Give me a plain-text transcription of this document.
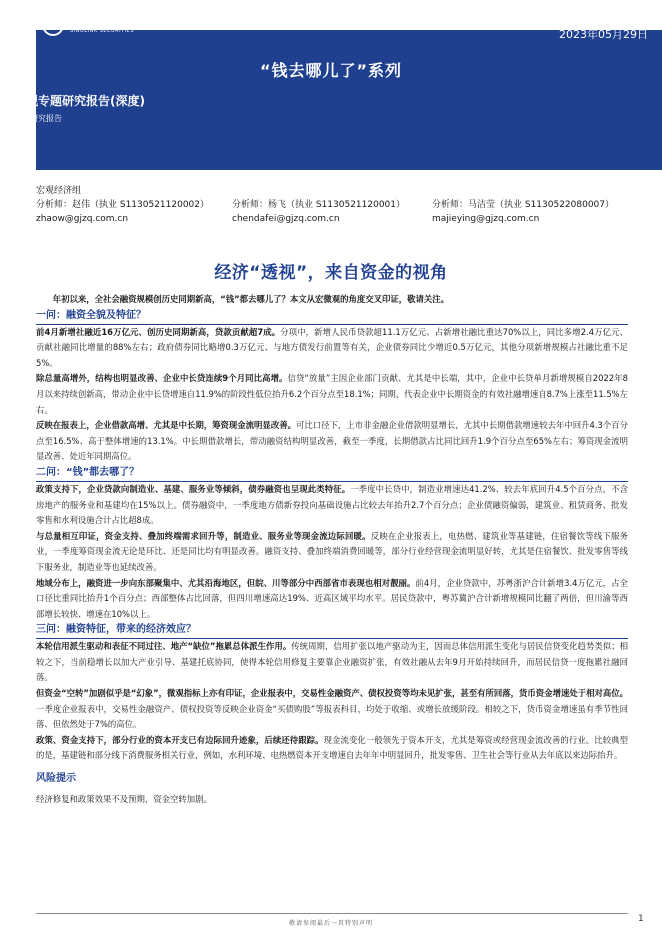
国金证券
SINOLINK SECURITIES	2023年05月29日
“钱去哪儿了”系列
宏观专题研究报告(深度)
证券研究报告
宏观经济组
分析师：赵伟（执业 S1130521120002）
zhaow@gjzq.com.cn
分析师：杨飞（执业 S1130521120001）
chendafei@gjzq.com.cn
分析师：马洁莹（执业 S1130522080007）
majieying@gjzq.com.cn
经济“透视”，来自资金的视角

年初以来，全社会融资规模创历史同期新高，“钱”都去哪儿了？本文从宏微观的角度交叉印证，敬请关注。

一问：融资全貌及特征？

前4月新增社融近16万亿元、创历史同期新高，贷款贡献超7成。分项中，新增人民币贷款超11.1万亿元、占新增社融比重达70%以上，同比多增2.4万亿元、贡献社融同比增量的88%左右；政府债券同比略增0.3万亿元、与地方债发行前置等有关，企业债券同比少增近0.5万亿元，其他分项新增规模占社融比重不足5%。

除总量高增外，结构也明显改善、企业中长贷连续9个月同比高增。信贷“放量”主因企业部门贡献、尤其是中长端，其中，企业中长贷单月新增规模自2022年8月以来持续创新高，带动企业中长贷增速自11.9%的阶段性低位抬升6.2个百分点至18.1%；同期，代表企业中长期资金的有效社融增速自8.7%上涨至11.5%左右。

反映在报表上，企业借款高增、尤其是中长期，筹资现金流明显改善。可比口径下，上市非金融企业借款明显增长，尤其中长期借款增速较去年中回升4.3个百分点至16.5%、高于整体增速的13.1%。中长期借款增长，带动融资结构明显改善，截至一季度，长期借款占比同比回升1.9个百分点至65%左右；筹资现金流明显改善、处近年同期高位。

二问：“钱”都去哪了？

政策支持下，企业贷款向制造业、基建、服务业等倾斜，债券融资也呈现此类特征。一季度中长贷中，制造业增速达41.2%、较去年底回升4.5个百分点，不含房地产的服务业和基建均在15%以上。债券融资中，一季度地方债新券投向基础设施占比较去年抬升2.7个百分点；企业债融资偏弱，建筑业、租赁商务、批发零售和水利设施合计占比超8成。

与总量相互印证，资金支持、叠加终端需求回升等，制造业、服务业等现金流边际回暖。反映在企业报表上，电热燃、建筑业等基建链，住宿餐饮等线下服务业，一季度筹资现金流无论是环比、还是同比均有明显改善。融资支持、叠加终端消费回暖等，部分行业经营现金流明显好转，尤其是住宿餐饮、批发零售等线下服务业，制造业等也延续改善。

地域分布上，融资进一步向东部聚集中、尤其沿海地区，但皖、川等部分中西部省市表现也相对靓丽。前4月，企业贷款中，苏粤浙沪合计新增3.4万亿元，占全口径比重同比抬升1个百分点；西部整体占比回落，但四川增速高达19%、近高区域平均水平。居民贷款中，粤苏冀沪合计新增规模同比翻了两倍，但川渝等西部增长较快、增速在10%以上。

三问：融资特征，带来的经济效应？

本轮信用派生驱动和表征不同过往、地产“缺位”拖累总体派生作用。传统周期，信用扩张以地产驱动为主，因而总体信用派生变化与居民信贷变化趋势类似；相较之下，当前稳增长以加大产业引导、基建托底协同，使得本轮信用修复主要靠企业融资扩张，有效社融从去年9月开始持续回升，而居民信贷一度拖累社融回落。

但资金“空转”加剧似乎是“幻象”，微观指标上亦有印证，企业报表中，交易性金融资产、债权投资等均未见扩张，甚至有所回落，货币资金增速处于相对高位。一季度企业报表中，交易性金融资产、债权投资等反映企业资金“买债购股”等报表科目，均处于收缩、或增长放缓阶段。相较之下，货币资金增速虽有季节性回落、但依然处于7%的高位。

政策、资金支持下，部分行业的资本开支已有边际回升迹象，后续还待跟踪。现金流变化一般领先于资本开支，尤其是筹资或经营现金流改善的行业。比较典型的是，基建链和部分线下消费服务相关行业，例如，水利环境、电热燃资本开支增速自去年年中明显回升，批发零售、卫生社会等行业从去年底以来边际抬升。

风险提示

经济修复和政策效果不及预期，资金空转加剧。

敬请参阅最后一页特别声明	1
